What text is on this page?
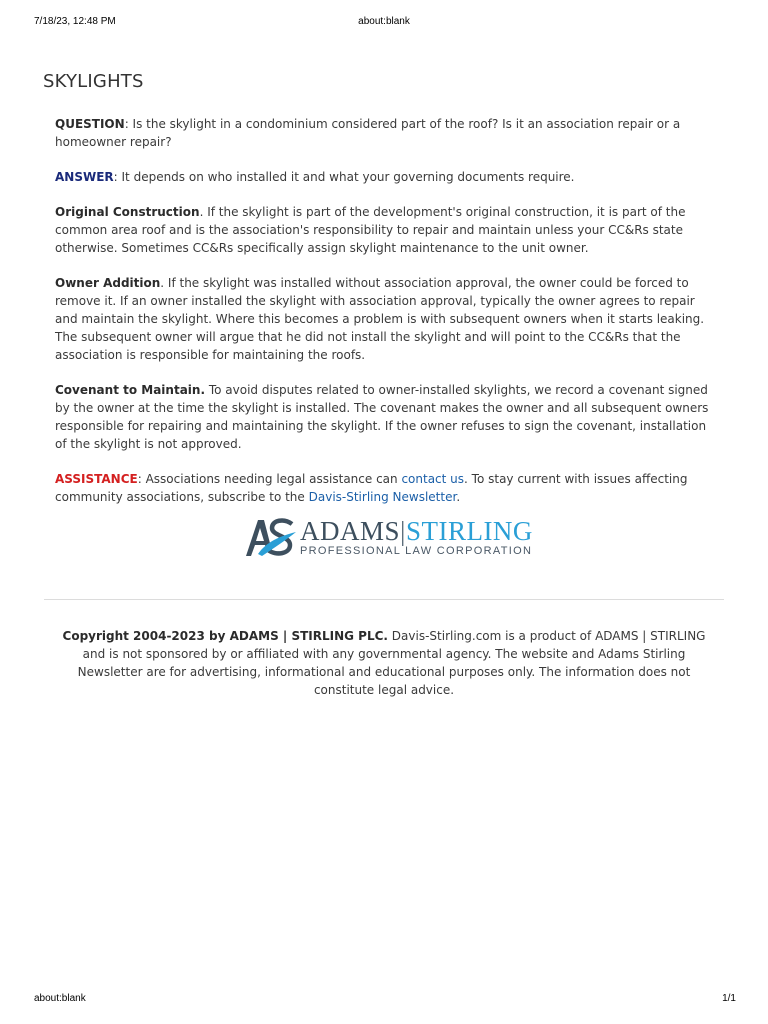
7/18/23, 12:48 PM	about:blank
SKYLIGHTS

QUESTION: Is the skylight in a condominium considered part of the roof? Is it an association repair or a homeowner repair?

ANSWER: It depends on who installed it and what your governing documents require.

Original Construction. If the skylight is part of the development's original construction, it is part of the common area roof and is the association's responsibility to repair and maintain unless your CC&Rs state otherwise. Sometimes CC&Rs specifically assign skylight maintenance to the unit owner.

Owner Addition. If the skylight was installed without association approval, the owner could be forced to remove it. If an owner installed the skylight with association approval, typically the owner agrees to repair and maintain the skylight. Where this becomes a problem is with subsequent owners when it starts leaking. The subsequent owner will argue that he did not install the skylight and will point to the CC&Rs that the association is responsible for maintaining the roofs.

Covenant to Maintain. To avoid disputes related to owner-installed skylights, we record a covenant signed by the owner at the time the skylight is installed. The covenant makes the owner and all subsequent owners responsible for repairing and maintaining the skylight. If the owner refuses to sign the covenant, installation of the skylight is not approved.

ASSISTANCE: Associations needing legal assistance can contact us. To stay current with issues affecting community associations, subscribe to the Davis-Stirling Newsletter.

AS
ADAMS|STIRLING
PROFESSIONAL LAW CORPORATION
Copyright 2004-2023 by ADAMS | STIRLING PLC. Davis-Stirling.com is a product of ADAMS | STIRLING and is not sponsored by or affiliated with any governmental agency. The website and Adams Stirling Newsletter are for advertising, informational and educational purposes only. The information does not constitute legal advice.
about:blank	1/1
